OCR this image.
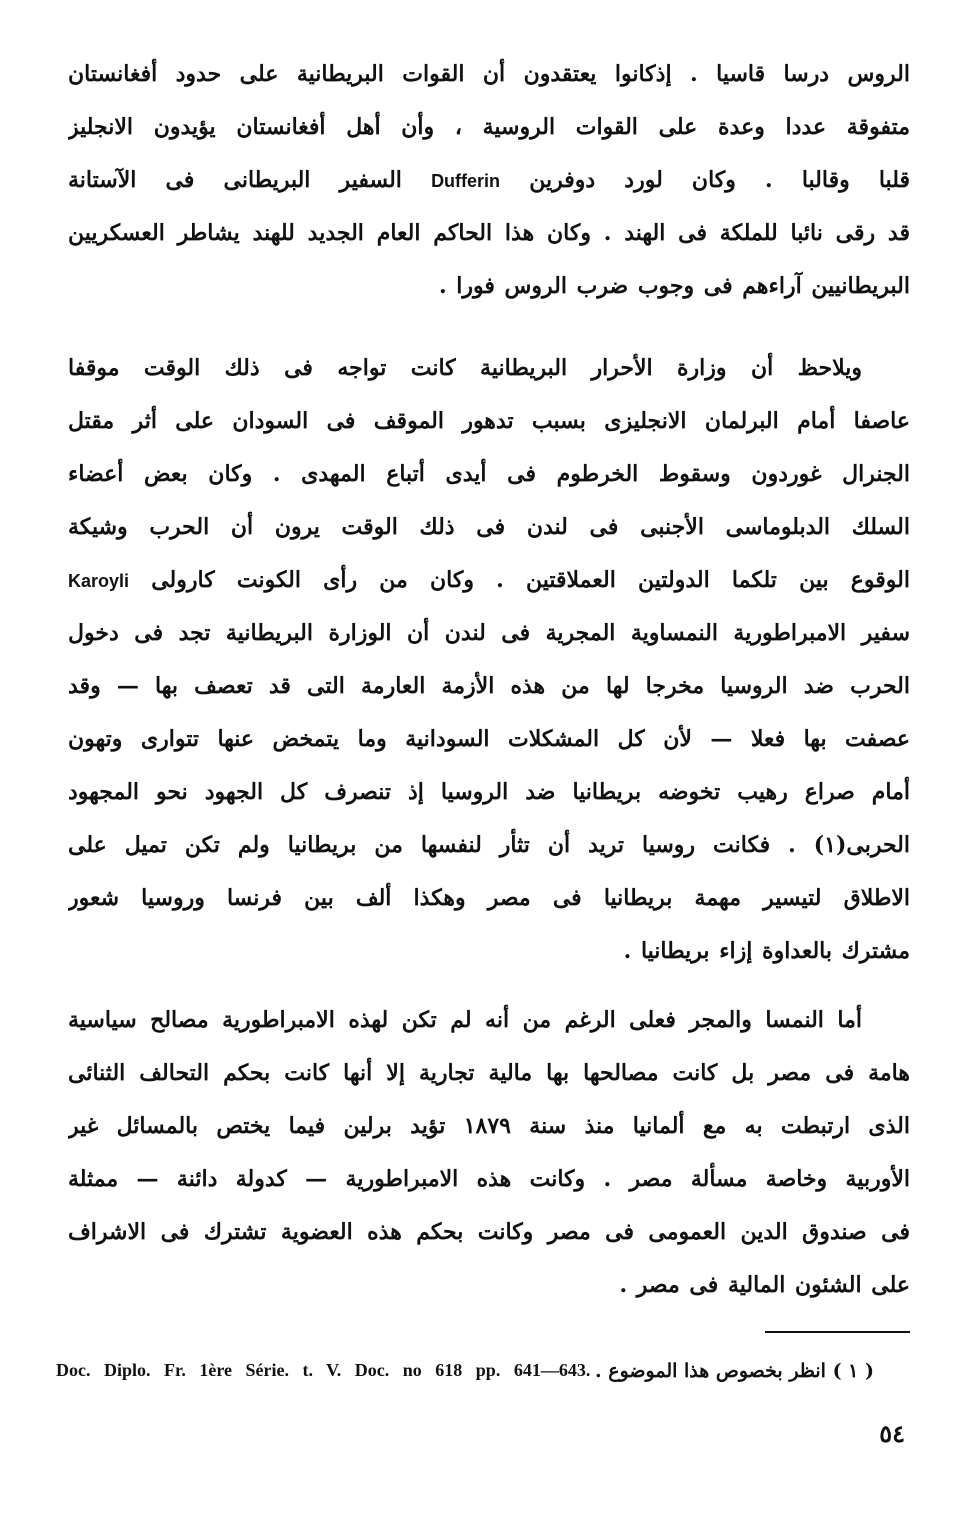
الروس درسا قاسيا . إذكانوا يعتقدون أن القوات البريطانية على حدود أفغانستان
متفوقة عددا وعدة على القوات الروسية ، وأن أهل أفغانستان يؤيدون الانجليز
قلبا وقالبا . وكان لورد دوفرين Dufferin السفير البريطانى فى الآستانة
قد رقى نائبا للملكة فى الهند . وكان هذا الحاكم العام الجديد للهند يشاطر العسكريين
البريطانيين آراءهم فى وجوب ضرب الروس فورا .
ويلاحظ أن وزارة الأحرار البريطانية كانت تواجه فى ذلك الوقت موقفا
عاصفا أمام البرلمان الانجليزى بسبب تدهور الموقف فى السودان على أثر مقتل
الجنرال غوردون وسقوط الخرطوم فى أيدى أتباع المهدى . وكان بعض أعضاء
السلك الدبلوماسى الأجنبى فى لندن فى ذلك الوقت يرون أن الحرب وشيكة
الوقوع بين تلكما الدولتين العملاقتين . وكان من رأى الكونت كارولى Karoyli
سفير الامبراطورية النمساوية المجرية فى لندن أن الوزارة البريطانية تجد فى دخول
الحرب ضد الروسيا مخرجا لها من هذه الأزمة العارمة التى قد تعصف بها — وقد
عصفت بها فعلا — لأن كل المشكلات السودانية وما يتمخض عنها تتوارى وتهون
أمام صراع رهيب تخوضه بريطانيا ضد الروسيا إذ تنصرف كل الجهود نحو المجهود
الحربى(١) . فكانت روسيا تريد أن تثأر لنفسها من بريطانيا ولم تكن تميل على
الاطلاق لتيسير مهمة بريطانيا فى مصر وهكذا ألف بين فرنسا وروسيا شعور
مشترك بالعداوة إزاء بريطانيا .
أما النمسا والمجر فعلى الرغم من أنه لم تكن لهذه الامبراطورية مصالح سياسية
هامة فى مصر بل كانت مصالحها بها مالية تجارية إلا أنها كانت بحكم التحالف الثنائى
الذى ارتبطت به مع ألمانيا منذ سنة ١٨٧٩ تؤيد برلين فيما يختص بالمسائل غير
الأوربية وخاصة مسألة مصر . وكانت هذه الامبراطورية — كدولة دائنة — ممثلة
فى صندوق الدين العمومى فى مصر وكانت بحكم هذه العضوية تشترك فى الاشراف
على الشئون المالية فى مصر .
( ١ ) انظر بخصوص هذا الموضوع .
Doc. Diplo. Fr. 1ère Série. t. V. Doc. no 618 pp. 641—643.
٥٤
